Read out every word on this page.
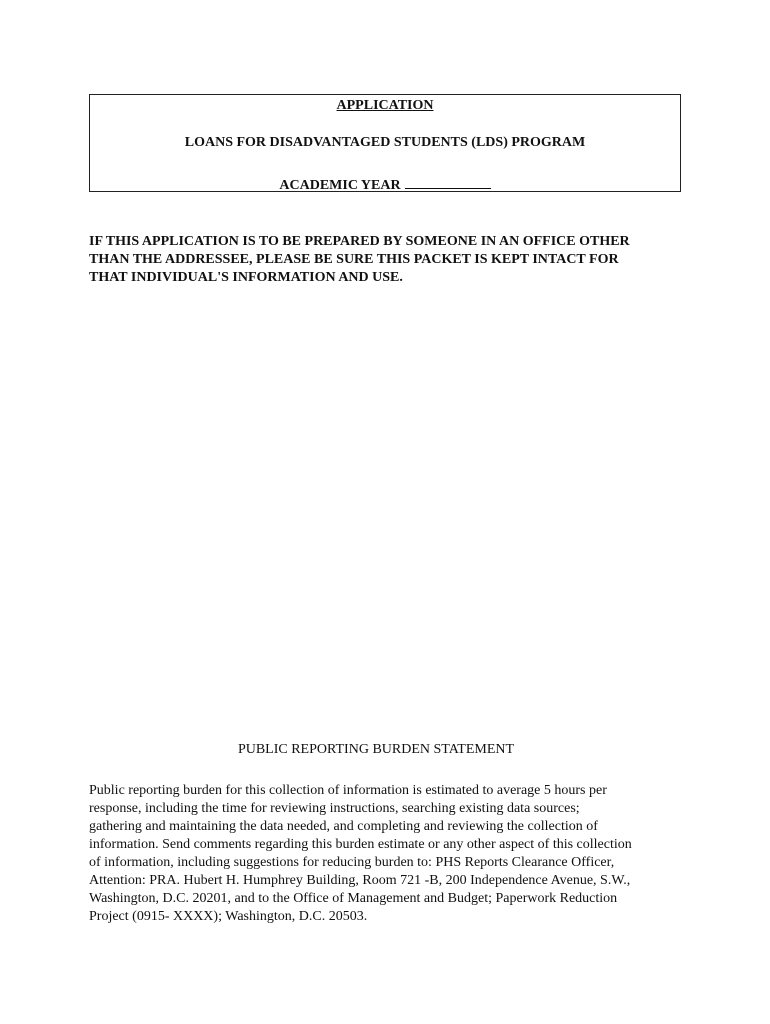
APPLICATION
LOANS FOR DISADVANTAGED STUDENTS (LDS) PROGRAM
ACADEMIC YEAR
IF THIS APPLICATION IS TO BE PREPARED BY SOMEONE IN AN OFFICE OTHER
THAN THE ADDRESSEE, PLEASE BE SURE THIS PACKET IS KEPT INTACT FOR
THAT INDIVIDUAL'S INFORMATION AND USE.
PUBLIC REPORTING BURDEN STATEMENT
Public reporting burden for this collection of information is estimated to average 5 hours per
response, including the time for reviewing instructions, searching existing data sources;
gathering and maintaining the data needed, and completing and reviewing the collection of
information. Send comments regarding this burden estimate or any other aspect of this collection
of information, including suggestions for reducing burden to: PHS Reports Clearance Officer,
Attention: PRA. Hubert H. Humphrey Building, Room 721 -B, 200 Independence Avenue, S.W.,
Washington, D.C. 20201, and to the Office of Management and Budget; Paperwork Reduction
Project (0915- XXXX); Washington, D.C. 20503.
